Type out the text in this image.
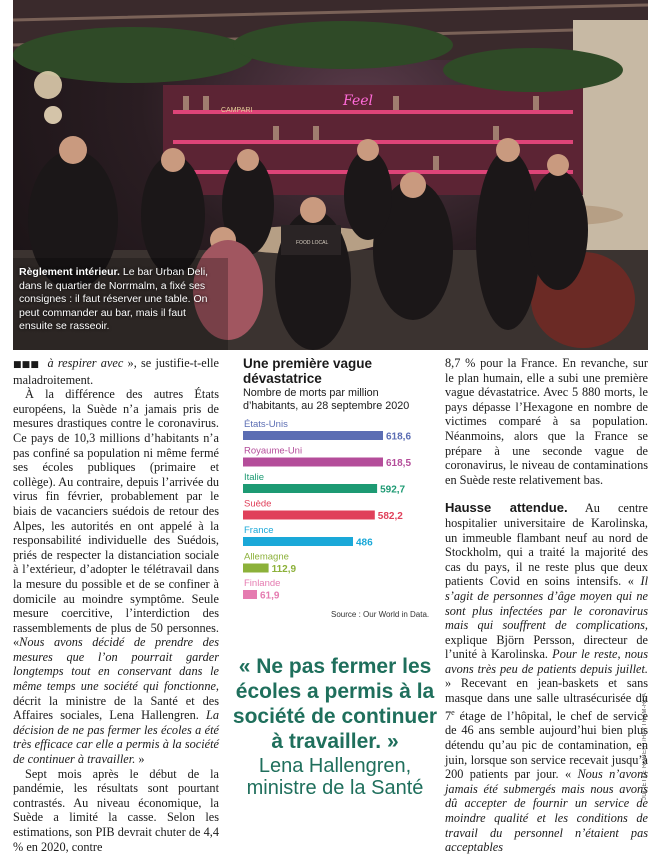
Feel
CAMPARI
FOOD LOCAL
Règlement intérieur. Le bar Urban Deli, dans le quartier de Norrmalm, a fixé ses consignes : il faut réserver une table. On peut commander au bar, mais il faut ensuite se rasseoir.
JULIETTE ROBERT/HAYTHAM-REA

■■■ à respirer avec », se justifie-t-elle maladroitement.

À la différence des autres États européens, la Suède n’a jamais pris de mesures drastiques contre le coronavirus. Ce pays de 10,3 millions d’habitants n’a pas confiné sa population ni même fermé ses écoles publiques (primaire et collège). Au contraire, depuis l’arrivée du virus fin février, probablement par le biais de vacanciers suédois de retour des Alpes, les autorités en ont appelé à la responsabilité individuelle des Suédois, priés de respecter la distanciation sociale à l’extérieur, d’adopter le télétravail dans la mesure du possible et de se confiner à domicile au moindre symptôme. Seule mesure coercitive, l’interdiction des rassemblements de plus de 50 personnes. «Nous avons décidé de prendre des mesures que l’on pourrait garder longtemps tout en conservant dans le même temps une société qui fonctionne, décrit la ministre de la Santé et des Affaires sociales, Lena Hallengren. La décision de ne pas fermer les écoles a été très efficace car elle a permis à la société de continuer à travailler. »

Sept mois après le début de la pandémie, les résultats sont pourtant contrastés. Au niveau économique, la Suède a limité la casse. Selon les estimations, son PIB devrait chuter de 4,4 % en 2020, contre

Une première vague dévastatrice
Nombre de morts par million d’habitants, au 28 septembre 2020
États-Unis
618,6
Royaume-Uni
618,5
Italie
592,7
Suède
582,2
France
486
Allemagne
112,9
Finlande
61,9
Source : Our World in Data.
« Ne pas fermer les écoles a permis à la société de continuer à travailler. »
Lena Hallengren, ministre de la Santé

8,7 % pour la France. En revanche, sur le plan humain, elle a subi une première vague dévastatrice. Avec 5 880 morts, le pays dépasse l’Hexagone en nombre de victimes comparé à sa population. Néanmoins, alors que la France se prépare à une seconde vague de coronavirus, le niveau de contaminations en Suède reste relativement bas.

Hausse attendue. Au centre hospitalier universitaire de Karolinska, un immeuble flambant neuf au nord de Stockholm, qui a traité la majorité des cas du pays, il ne reste plus que deux patients Covid en soins intensifs. « Il s’agit de personnes d’âge moyen qui ne sont plus infectées par le coronavirus mais qui souffrent de complications, explique Björn Persson, directeur de l’unité à Karolinska. Pour le reste, nous avons très peu de patients depuis juillet. » Recevant en jean-baskets et sans masque dans une salle ultrasécurisée du 7e étage de l’hôpital, le chef de service de 46 ans semble aujourd’hui bien plus détendu qu’au pic de contamination, en juin, lorsque son service recevait jusqu’à 200 patients par jour. « Nous n’avons jamais été submergés mais nous avons dû accepter de fournir un service de moindre qualité et les conditions de travail du personnel n’étaient pas acceptables
